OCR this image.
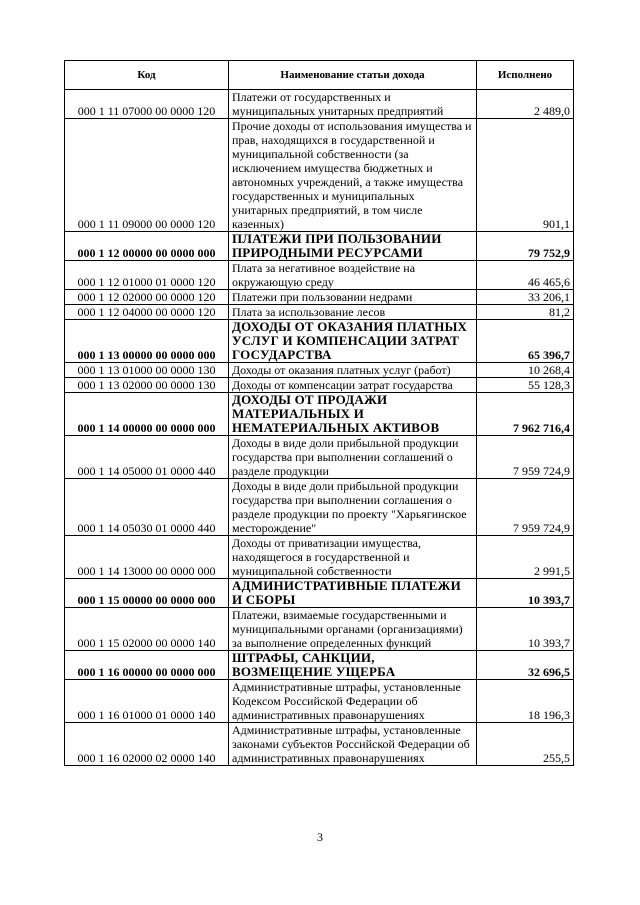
Код	Наименование статьи дохода	Исполнено
000 1 11 07000 00 0000 120	Платежи от государственных и муниципальных унитарных предприятий	2 489,0
000 1 11 09000 00 0000 120	Прочие доходы от использования имущества и прав, находящихся в государственной и муниципальной собственности (за исключением имущества бюджетных и автономных учреждений, а также имущества государственных и муниципальных унитарных предприятий, в том числе казенных)	901,1
000 1 12 00000 00 0000 000	ПЛАТЕЖИ ПРИ ПОЛЬЗОВАНИИ ПРИРОДНЫМИ РЕСУРСАМИ	79 752,9
000 1 12 01000 01 0000 120	Плата за негативное воздействие на окружающую среду	46 465,6
000 1 12 02000 00 0000 120	Платежи при пользовании недрами	33 206,1
000 1 12 04000 00 0000 120	Плата за использование лесов	81,2
000 1 13 00000 00 0000 000	ДОХОДЫ ОТ ОКАЗАНИЯ ПЛАТНЫХ УСЛУГ И КОМПЕНСАЦИИ ЗАТРАТ ГОСУДАРСТВА	65 396,7
000 1 13 01000 00 0000 130	Доходы от оказания платных услуг (работ)	10 268,4
000 1 13 02000 00 0000 130	Доходы от компенсации затрат государства	55 128,3
000 1 14 00000 00 0000 000	ДОХОДЫ ОТ ПРОДАЖИ МАТЕРИАЛЬНЫХ И НЕМАТЕРИАЛЬНЫХ АКТИВОВ	7 962 716,4
000 1 14 05000 01 0000 440	Доходы в виде доли прибыльной продукции государства при выполнении соглашений о разделе продукции	7 959 724,9
000 1 14 05030 01 0000 440	Доходы в виде доли прибыльной продукции государства при выполнении соглашения о разделе продукции по проекту "Харьягинское месторождение"	7 959 724,9
000 1 14 13000 00 0000 000	Доходы от приватизации имущества, находящегося в государственной и муниципальной собственности	2 991,5
000 1 15 00000 00 0000 000	АДМИНИСТРАТИВНЫЕ ПЛАТЕЖИ И СБОРЫ	10 393,7
000 1 15 02000 00 0000 140	Платежи, взимаемые государственными и муниципальными органами (организациями) за выполнение определенных функций	10 393,7
000 1 16 00000 00 0000 000	ШТРАФЫ, САНКЦИИ, ВОЗМЕЩЕНИЕ УЩЕРБА	32 696,5
000 1 16 01000 01 0000 140	Административные штрафы, установленные Кодексом Российской Федерации об административных правонарушениях	18 196,3
000 1 16 02000 02 0000 140	Административные штрафы, установленные законами субъектов Российской Федерации об административных правонарушениях	255,5
3
